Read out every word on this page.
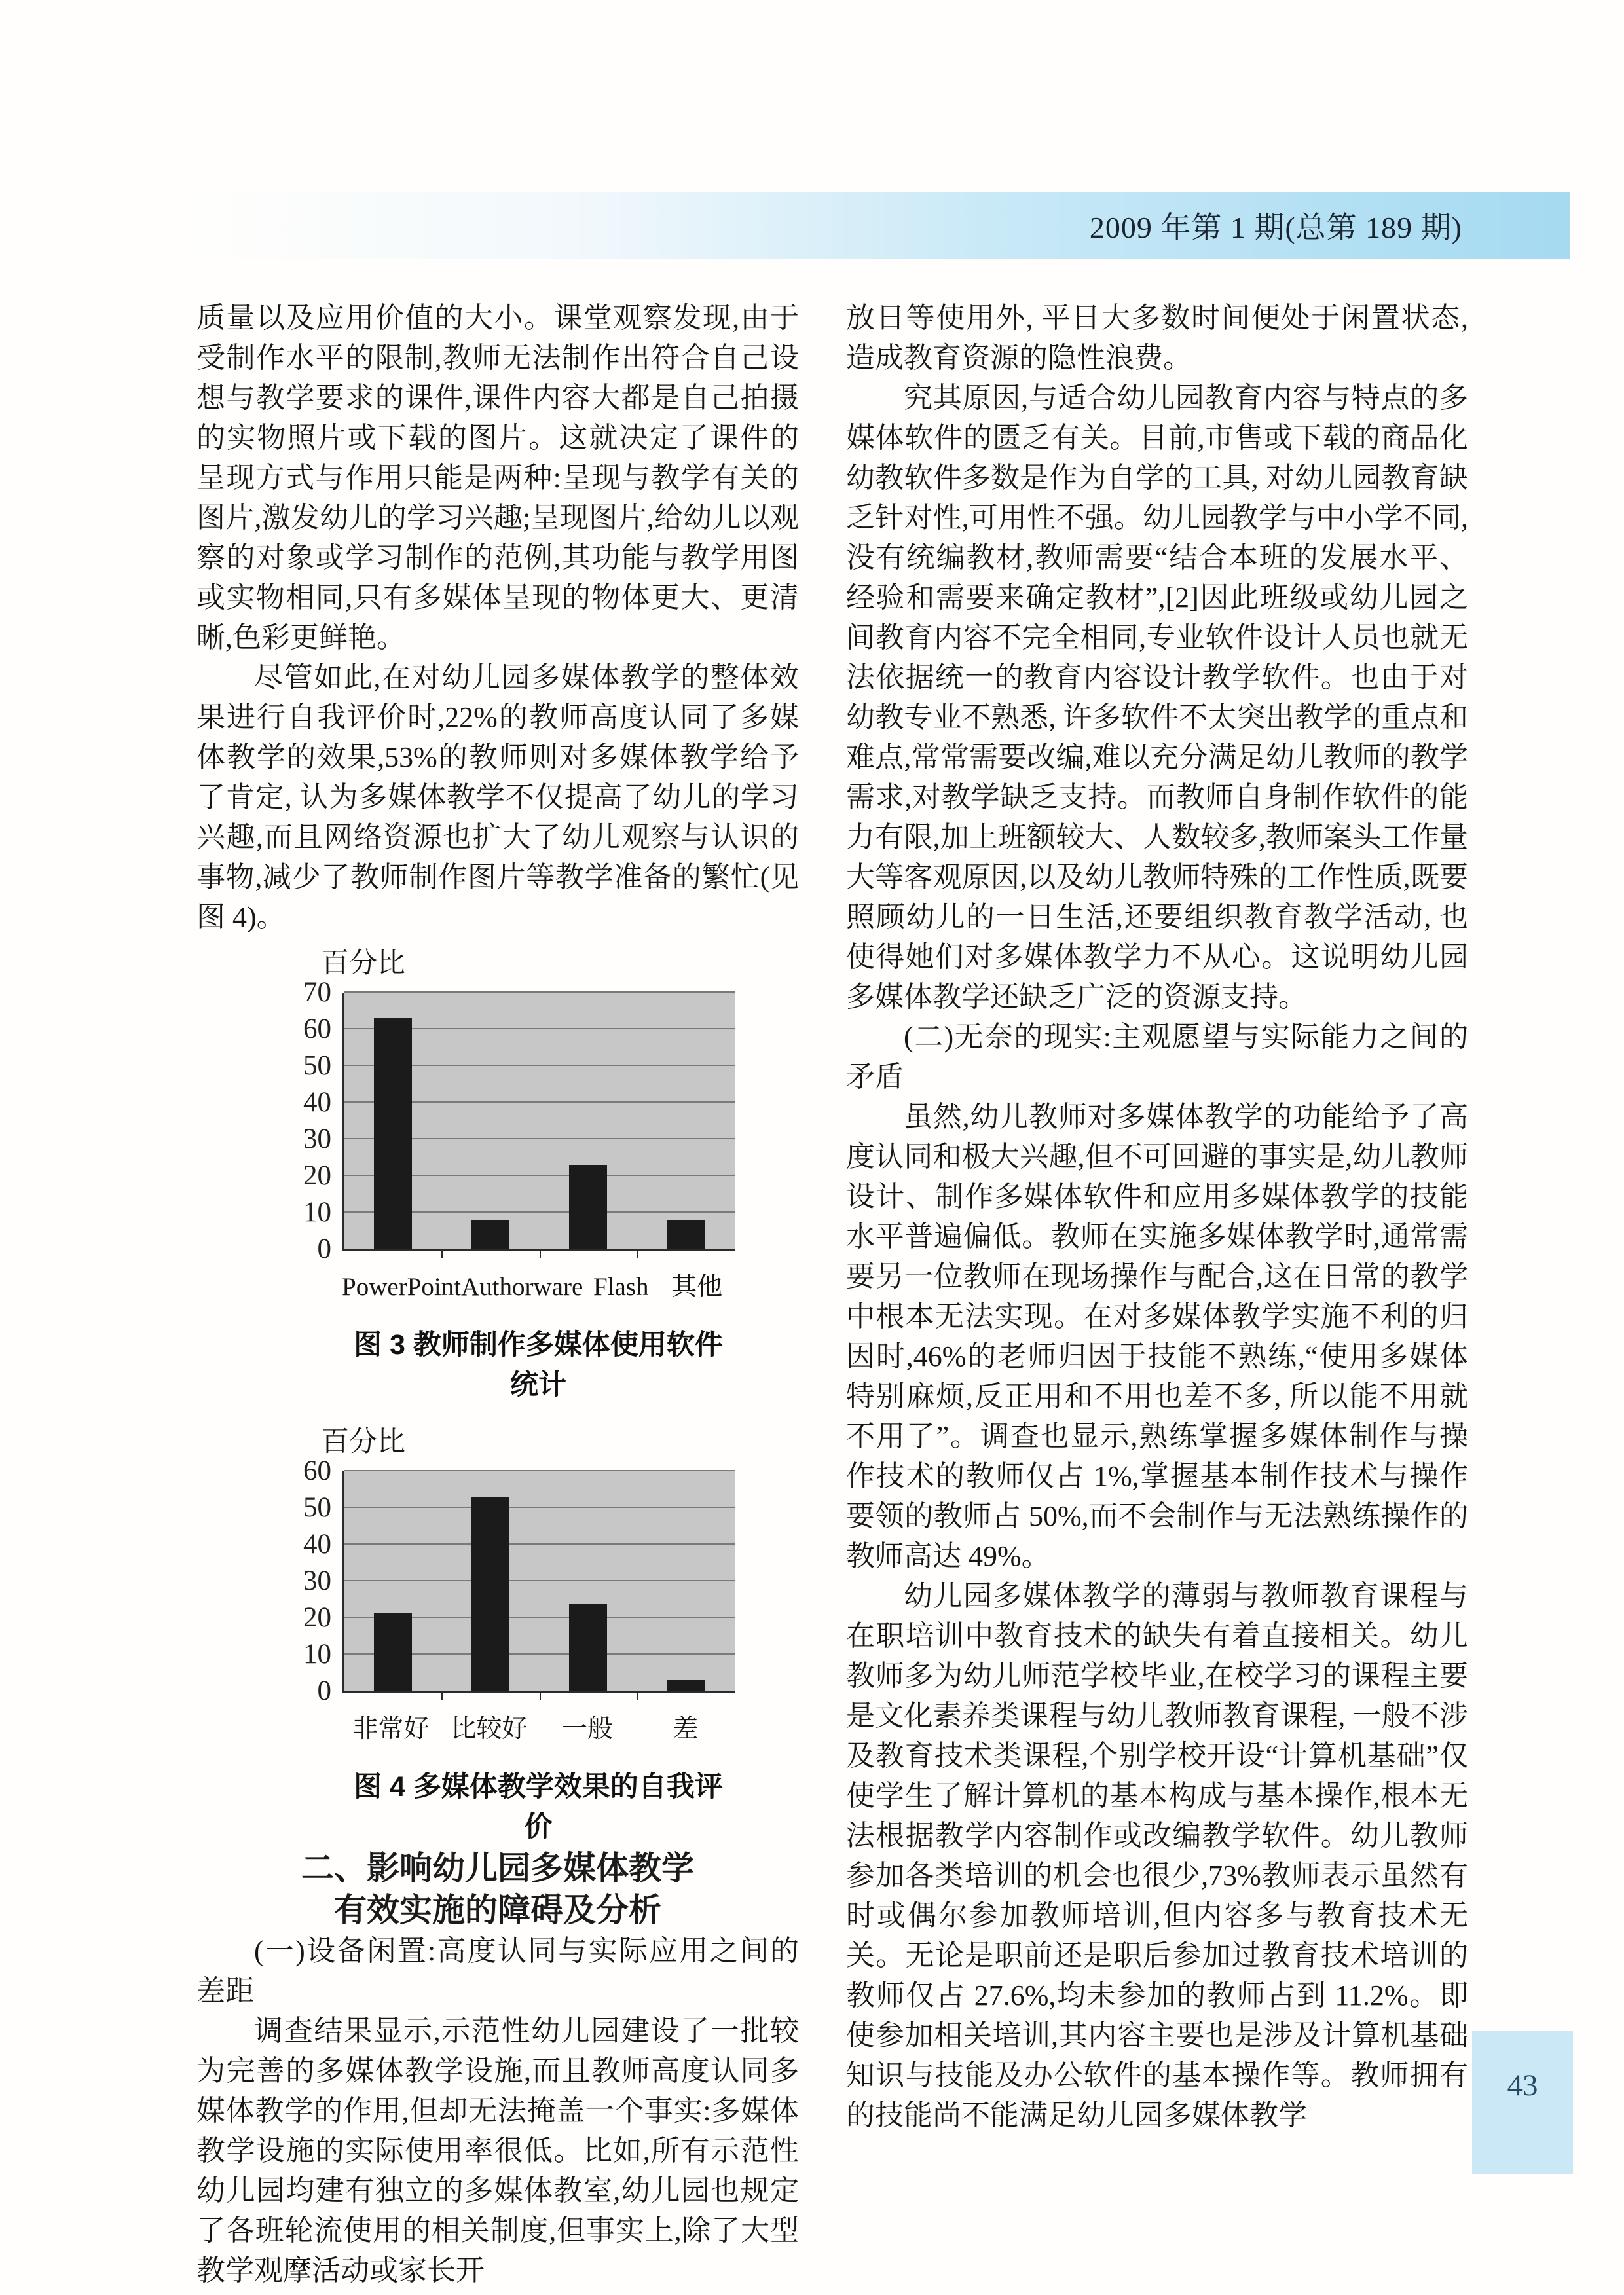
2009 年第 1 期(总第 189 期)

质量以及应用价值的大小。课堂观察发现,由于受制作水平的限制,教师无法制作出符合自己设想与教学要求的课件,课件内容大都是自己拍摄的实物照片或下载的图片。这就决定了课件的呈现方式与作用只能是两种:呈现与教学有关的图片,激发幼儿的学习兴趣;呈现图片,给幼儿以观察的对象或学习制作的范例,其功能与教学用图或实物相同,只有多媒体呈现的物体更大、更清晰,色彩更鲜艳。

尽管如此,在对幼儿园多媒体教学的整体效果进行自我评价时,22%的教师高度认同了多媒体教学的效果,53%的教师则对多媒体教学给予了肯定, 认为多媒体教学不仅提高了幼儿的学习兴趣,而且网络资源也扩大了幼儿观察与认识的事物,减少了教师制作图片等教学准备的繁忙(见图 4)。

百分比
0
10
20
30
40
50
60
70
PowerPoint Authorware Flash 其他
图 3 教师制作多媒体使用软件统计
百分比
0
10
20
30
40
50
60
非常好 比较好	一般	差
图 4 多媒体教学效果的自我评价

二、影响幼儿园多媒体教学

有效实施的障碍及分析

(一)设备闲置:高度认同与实际应用之间的差距

调查结果显示,示范性幼儿园建设了一批较为完善的多媒体教学设施,而且教师高度认同多媒体教学的作用,但却无法掩盖一个事实:多媒体教学设施的实际使用率很低。比如,所有示范性幼儿园均建有独立的多媒体教室,幼儿园也规定了各班轮流使用的相关制度,但事实上,除了大型教学观摩活动或家长开

放日等使用外, 平日大多数时间便处于闲置状态,造成教育资源的隐性浪费。

究其原因,与适合幼儿园教育内容与特点的多媒体软件的匮乏有关。目前,市售或下载的商品化幼教软件多数是作为自学的工具, 对幼儿园教育缺乏针对性,可用性不强。幼儿园教学与中小学不同,没有统编教材,教师需要“结合本班的发展水平、经验和需要来确定教材”,[2]因此班级或幼儿园之间教育内容不完全相同,专业软件设计人员也就无法依据统一的教育内容设计教学软件。也由于对幼教专业不熟悉, 许多软件不太突出教学的重点和难点,常常需要改编,难以充分满足幼儿教师的教学需求,对教学缺乏支持。而教师自身制作软件的能力有限,加上班额较大、人数较多,教师案头工作量大等客观原因,以及幼儿教师特殊的工作性质,既要照顾幼儿的一日生活,还要组织教育教学活动, 也使得她们对多媒体教学力不从心。这说明幼儿园多媒体教学还缺乏广泛的资源支持。

(二)无奈的现实:主观愿望与实际能力之间的矛盾

虽然,幼儿教师对多媒体教学的功能给予了高度认同和极大兴趣,但不可回避的事实是,幼儿教师设计、制作多媒体软件和应用多媒体教学的技能水平普遍偏低。教师在实施多媒体教学时,通常需要另一位教师在现场操作与配合,这在日常的教学中根本无法实现。在对多媒体教学实施不利的归因时,46%的老师归因于技能不熟练,“使用多媒体特别麻烦,反正用和不用也差不多, 所以能不用就不用了”。调查也显示,熟练掌握多媒体制作与操作技术的教师仅占 1%,掌握基本制作技术与操作要领的教师占 50%,而不会制作与无法熟练操作的教师高达 49%。

幼儿园多媒体教学的薄弱与教师教育课程与在职培训中教育技术的缺失有着直接相关。幼儿教师多为幼儿师范学校毕业,在校学习的课程主要是文化素养类课程与幼儿教师教育课程, 一般不涉及教育技术类课程,个别学校开设“计算机基础”仅使学生了解计算机的基本构成与基本操作,根本无法根据教学内容制作或改编教学软件。幼儿教师参加各类培训的机会也很少,73%教师表示虽然有时或偶尔参加教师培训,但内容多与教育技术无关。无论是职前还是职后参加过教育技术培训的教师仅占 27.6%,均未参加的教师占到 11.2%。即使参加相关培训,其内容主要也是涉及计算机基础知识与技能及办公软件的基本操作等。教师拥有的技能尚不能满足幼儿园多媒体教学

43
